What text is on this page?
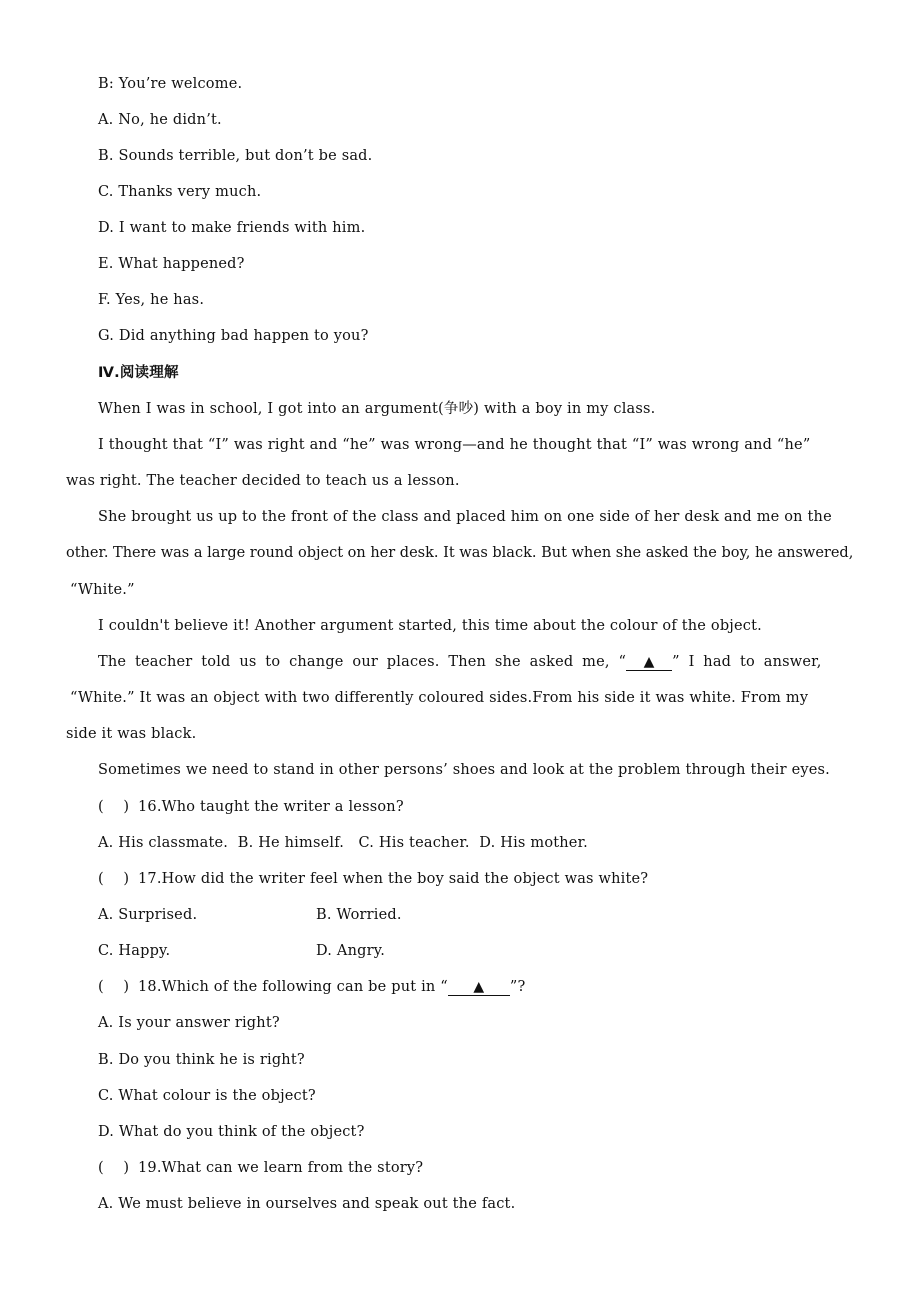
B: You’re welcome.
A. No, he didn’t.
B. Sounds terrible, but don’t be sad.
C. Thanks very much.
D. I want to make friends with him.
E. What happened?
F. Yes, he has.
G. Did anything bad happen to you?
Ⅳ.阅读理解
When I was in school, I got into an argument(争吵) with a boy in my class.
I thought that “I” was right and “he” was wrong—and he thought that “I” was wrong and “he”
was right. The teacher decided to teach us a lesson.
She brought us up to the front of the class and placed him on one side of her desk and me on the
other. There was a large round object on her desk. It was black. But when she asked the boy, he answered,
“White.”
I couldn't believe it! Another argument started, this time about the colour of the object.
The teacher told us to change our places. Then she asked me, “ ▲ ” I had to answer,
“White.” It was an object with two differently coloured sides.From his side it was white. From my
side it was black.
Sometimes we need to stand in other persons’ shoes and look at the problem through their eyes.
(　 ) 16.Who taught the writer a lesson?
A. His classmate.  B. He himself.   C. His teacher.  D. His mother.
(　 ) 17.How did the writer feel when the boy said the object was white?
A. Surprised.	B. Worried.
C. Happy.	D. Angry.
(　 ) 18.Which of the following can be put in “ ▲ ”?
A. Is your answer right?
B. Do you think he is right?
C. What colour is the object?
D. What do you think of the object?
(　 ) 19.What can we learn from the story?
A. We must believe in ourselves and speak out the fact.
